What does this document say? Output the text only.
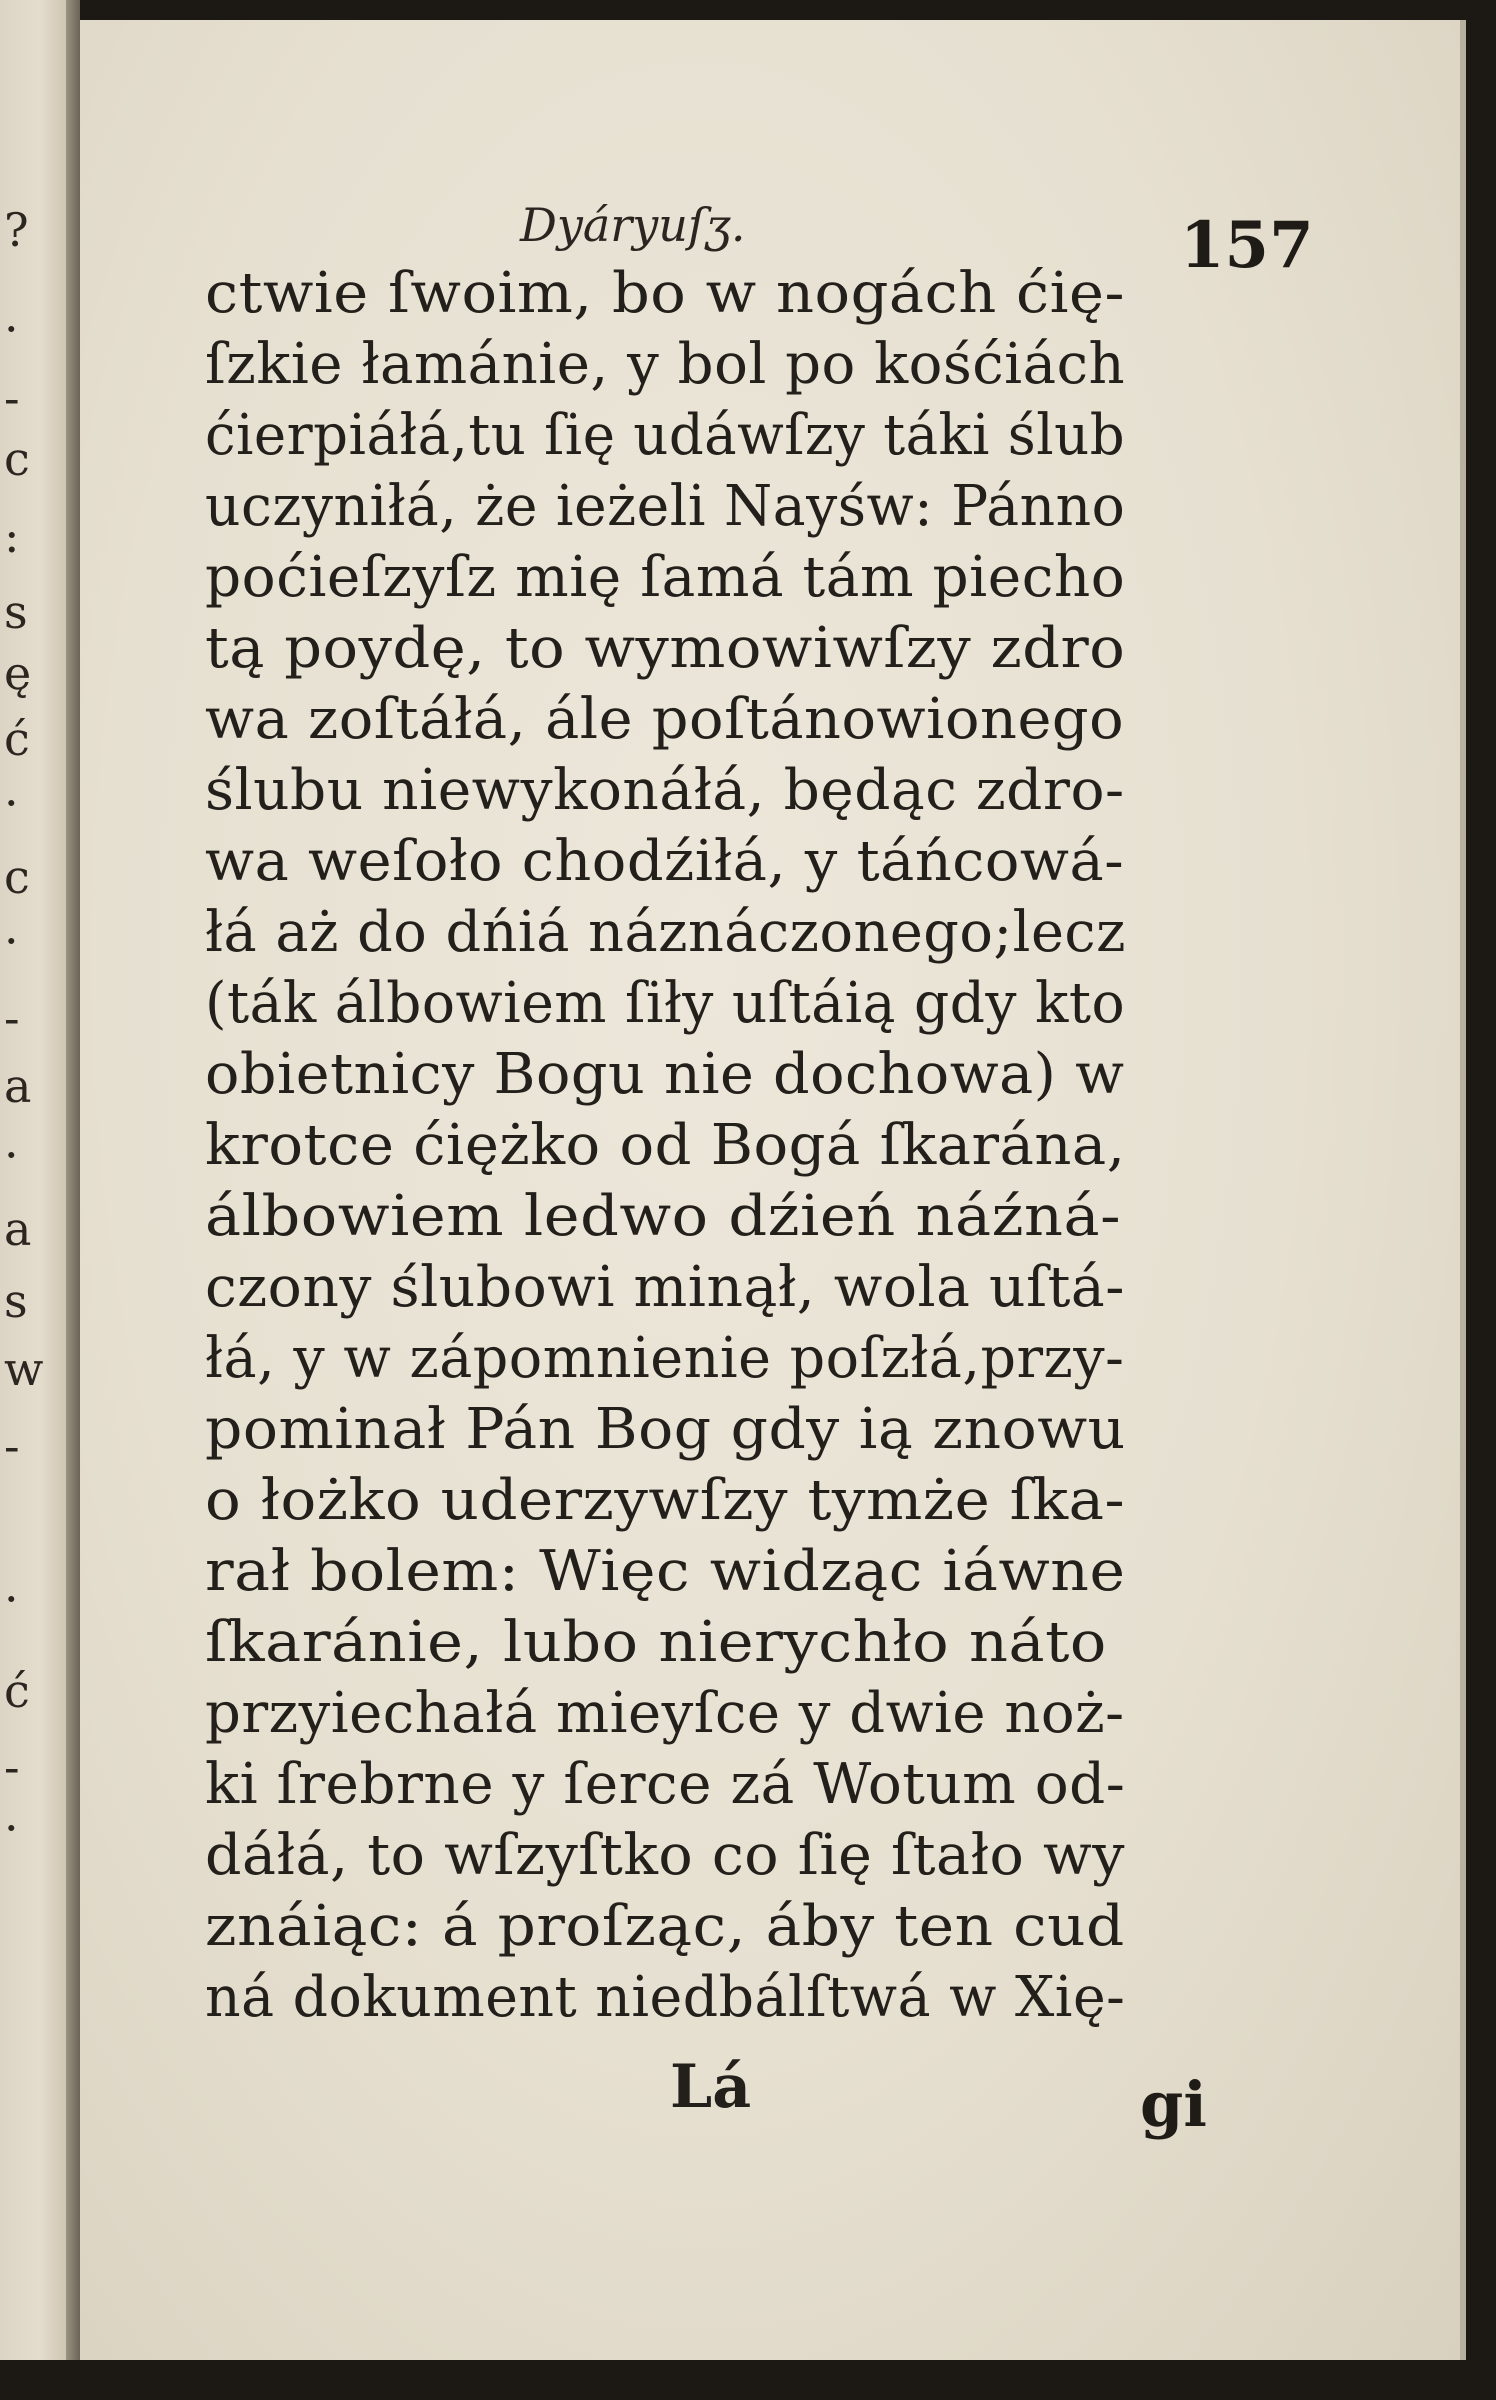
?
·
-
c
:
s
ę
ć
·
c
·
-
a
·
a
s
w
-
·
ć
-
·
Dyáryuſʒ.	157
ctwie ſwoim, bo w nogách ćię-
ſzkie łamánie, y bol po kośćiách
ćierpiáłá,tu ſię udáwſzy táki ślub
uczyniłá, że ieżeli Nayśw: Pánno
poćieſzyſz mię ſamá tám piecho
tą poydę, to wymowiwſzy zdro
wa zoſtáłá, ále poſtánowionego
ślubu niewykonáłá, będąc zdro-
wa weſoło chodźiłá, y táńcowá-
łá aż do dńiá náznáczonego;lecz
(ták álbowiem ſiły uſtáią gdy kto
obietnicy Bogu nie dochowa) w
krotce ćiężko od Bogá ſkarána,
álbowiem ledwo dźień náźná-
czony ślubowi minął, wola uſtá-
łá, y w zápomnienie poſzłá,przy-
pominał Pán Bog gdy ią znowu
o łożko uderzywſzy tymże ſka-
rał bolem: Więc widząc iáwne
ſkaránie, lubo nierychło náto
przyiechałá mieyſce y dwie noż-
ki ſrebrne y ſerce zá Wotum od-
dáłá, to wſzyſtko co ſię ſtało wy
znáiąc: á proſząc, áby ten cud
ná dokument niedbálſtwá w Xię-
Lá	gi
